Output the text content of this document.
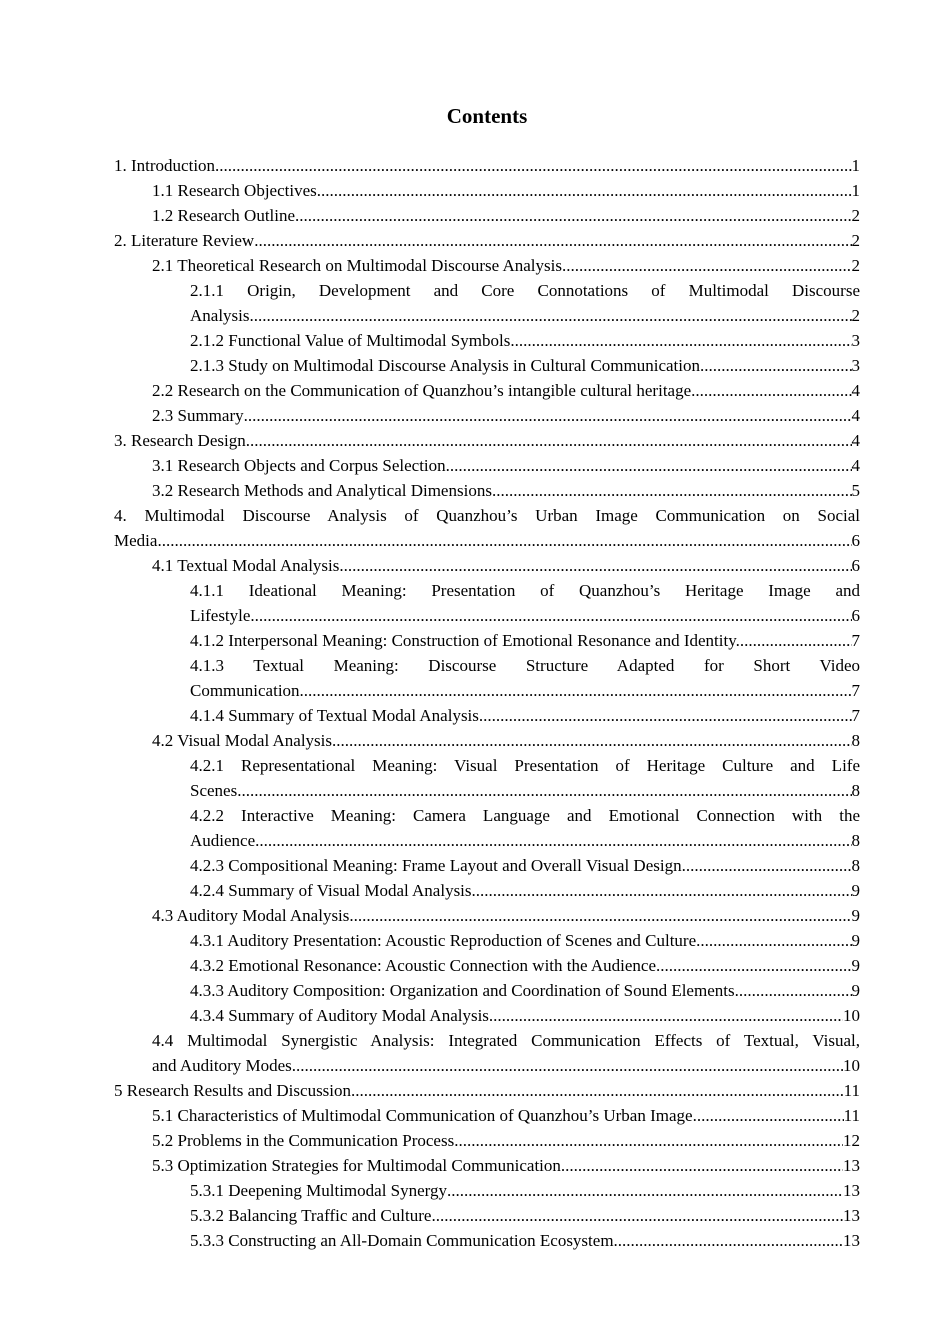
Contents
1. Introduction .....	1
1.1 Research Objectives .....	1
1.2 Research Outline .....	2
2. Literature Review .....	2
2.1 Theoretical Research on Multimodal Discourse Analysis .....	2
2.1.1 Origin, Development and Core Connotations of Multimodal Discourse
Analysis .....	2
2.1.2 Functional Value of Multimodal Symbols .....	3
2.1.3 Study on Multimodal Discourse Analysis in Cultural Communication .....	3
2.2 Research on the Communication of Quanzhou’s intangible cultural heritage .....	4
2.3 Summary .....	4
3. Research Design .....	4
3.1 Research Objects and Corpus Selection .....	4
3.2 Research Methods and Analytical Dimensions .....	5
4. Multimodal Discourse Analysis of Quanzhou’s Urban Image Communication on Social
Media .....	6
4.1 Textual Modal Analysis .....	6
4.1.1 Ideational Meaning: Presentation of Quanzhou’s Heritage Image and
Lifestyle .....	6
4.1.2 Interpersonal Meaning: Construction of Emotional Resonance and Identity. .....	7
4.1.3 Textual Meaning: Discourse Structure Adapted for Short Video
Communication .....	7
4.1.4 Summary of Textual Modal Analysis .....	7
4.2 Visual Modal Analysis .....	8
4.2.1 Representational Meaning: Visual Presentation of Heritage Culture and Life
Scenes .....	8
4.2.2 Interactive Meaning: Camera Language and Emotional Connection with the
Audience .....	8
4.2.3 Compositional Meaning: Frame Layout and Overall Visual Design .....	8
4.2.4 Summary of Visual Modal Analysis .....	9
4.3 Auditory Modal Analysis .....	9
4.3.1 Auditory Presentation: Acoustic Reproduction of Scenes and Culture .....	9
4.3.2 Emotional Resonance: Acoustic Connection with the Audience .....	9
4.3.3 Auditory Composition: Organization and Coordination of Sound Elements .....	9
4.3.4 Summary of Auditory Modal Analysis .....	10
4.4 Multimodal Synergistic Analysis: Integrated Communication Effects of Textual, Visual,
and Auditory Modes .....	10
5 Research Results and Discussion .....	11
5.1 Characteristics of Multimodal Communication of Quanzhou’s Urban Image .....	11
5.2 Problems in the Communication Process .....	12
5.3 Optimization Strategies for Multimodal Communication .....	13
5.3.1 Deepening Multimodal Synergy .....	13
5.3.2 Balancing Traffic and Culture .....	13
5.3.3 Constructing an All-Domain Communication Ecosystem .....	13
